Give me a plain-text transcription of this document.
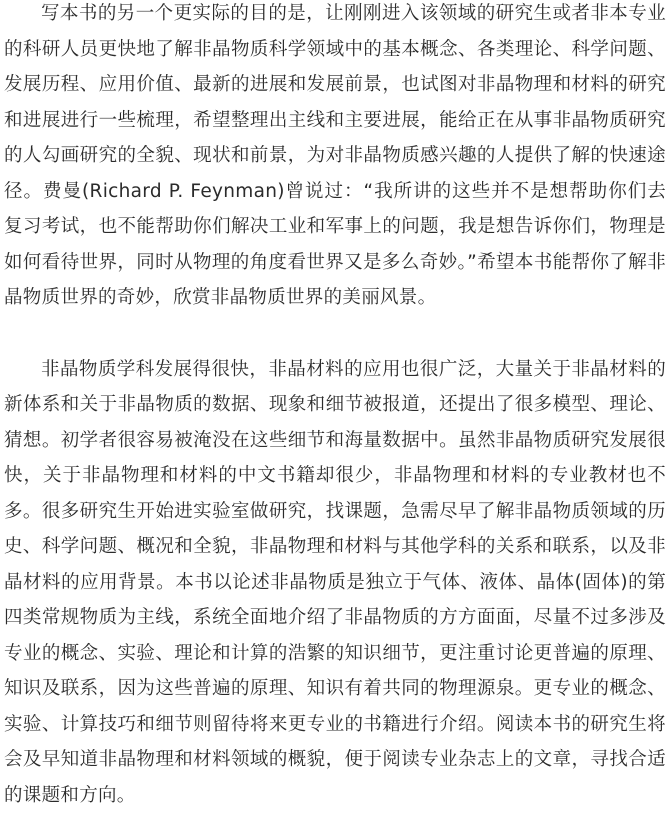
写本书的另一个更实际的目的是，让刚刚进入该领域的研究生或者非本专业的科研人员更快地了解非晶物质科学领域中的基本概念、各类理论、科学问题、发展历程、应用价值、最新的进展和发展前景，也试图对非晶物理和材料的研究和进展进行一些梳理，希望整理出主线和主要进展，能给正在从事非晶物质研究的人勾画研究的全貌、现状和前景，为对非晶物质感兴趣的人提供了解的快速途径。费曼(Richard P. Feynman)曾说过：“我所讲的这些并不是想帮助你们去复习考试，也不能帮助你们解决工业和军事上的问题，我是想告诉你们，物理是如何看待世界，同时从物理的角度看世界又是多么奇妙。”希望本书能帮你了解非晶物质世界的奇妙，欣赏非晶物质世界的美丽风景。

非晶物质学科发展得很快，非晶材料的应用也很广泛，大量关于非晶材料的新体系和关于非晶物质的数据、现象和细节被报道，还提出了很多模型、理论、猜想。初学者很容易被淹没在这些细节和海量数据中。虽然非晶物质研究发展很快，关于非晶物理和材料的中文书籍却很少，非晶物理和材料的专业教材也不多。很多研究生开始进实验室做研究，找课题，急需尽早了解非晶物质领域的历史、科学问题、概况和全貌，非晶物理和材料与其他学科的关系和联系，以及非晶材料的应用背景。本书以论述非晶物质是独立于气体、液体、晶体(固体)的第四类常规物质为主线，系统全面地介绍了非晶物质的方方面面，尽量不过多涉及专业的概念、实验、理论和计算的浩繁的知识细节，更注重讨论更普遍的原理、知识及联系，因为这些普遍的原理、知识有着共同的物理源泉。更专业的概念、实验、计算技巧和细节则留待将来更专业的书籍进行介绍。阅读本书的研究生将会及早知道非晶物理和材料领域的概貌，便于阅读专业杂志上的文章，寻找合适的课题和方向。
